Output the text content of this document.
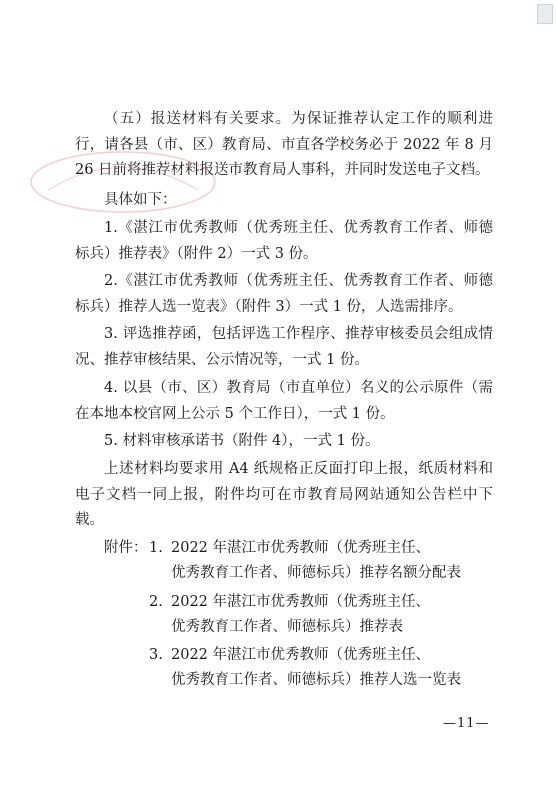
（五）报送材料有关要求。为保证推荐认定工作的顺利进行，请各县（市、区）教育局、市直各学校务必于 2022 年 8 月 26 日前将推荐材料报送市教育局人事科，并同时发送电子文档。

具体如下：

1.《湛江市优秀教师（优秀班主任、优秀教育工作者、师德标兵）推荐表》（附件 2）一式 3 份。

2.《湛江市优秀教师（优秀班主任、优秀教育工作者、师德标兵）推荐人选一览表》（附件 3）一式 1 份，人选需排序。

3. 评选推荐函，包括评选工作程序、推荐审核委员会组成情况、推荐审核结果、公示情况等，一式 1 份。

4. 以县（市、区）教育局（市直单位）名义的公示原件（需在本地本校官网上公示 5 个工作日），一式 1 份。

5. 材料审核承诺书（附件 4），一式 1 份。

上述材料均要求用 A4 纸规格正反面打印上报，纸质材料和电子文档一同上报，附件均可在市教育局网站通知公告栏中下载。

附件： 1. 2022 年湛江市优秀教师（优秀班主任、
优秀教育工作者、师德标兵）推荐名额分配表
2. 2022 年湛江市优秀教师（优秀班主任、
优秀教育工作者、师德标兵）推荐表
3. 2022 年湛江市优秀教师（优秀班主任、
优秀教育工作者、师德标兵）推荐人选一览表
—11—
